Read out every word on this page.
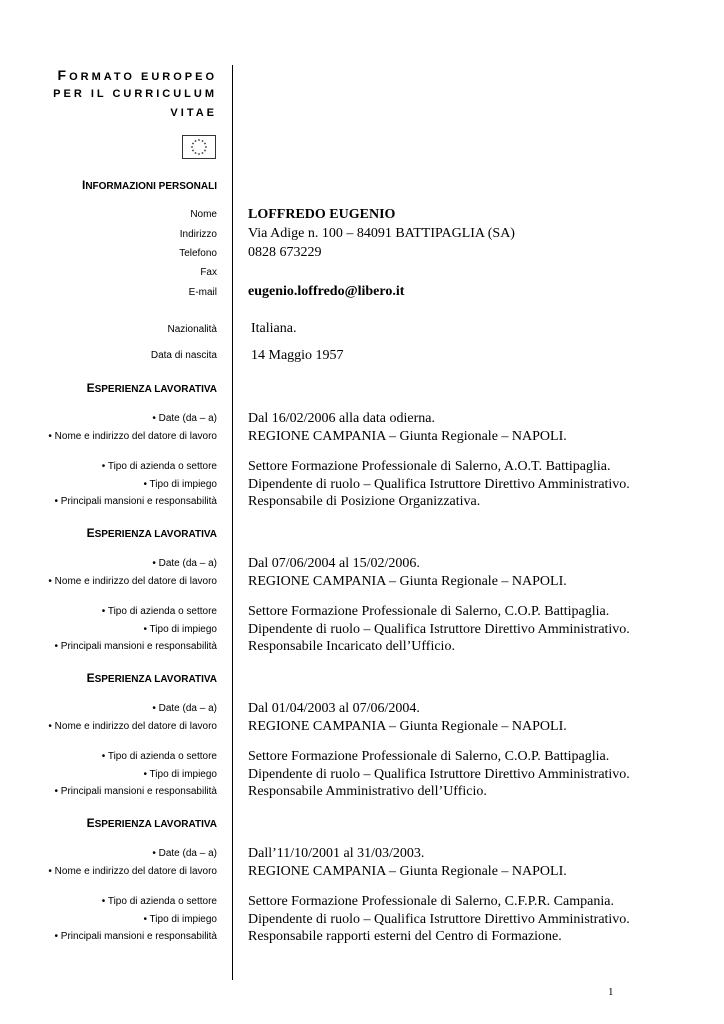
FORMATO EUROPEO
PER IL CURRICULUM
VITAE
INFORMAZIONI PERSONALI
Nome LOFFREDO EUGENIO
Indirizzo Via Adige n. 100 – 84091 BATTIPAGLIA (SA)
Telefono 0828 673229
Fax
E-mail eugenio.loffredo@libero.it
Nazionalità Italiana.
Data di nascita 14 Maggio 1957
ESPERIENZA LAVORATIVA
• Date (da – a) Dal 16/02/2006 alla data odierna.
• Nome e indirizzo del datore di lavoro REGIONE CAMPANIA – Giunta Regionale – NAPOLI.
• Tipo di azienda o settore Settore Formazione Professionale di Salerno, A.O.T. Battipaglia.
• Tipo di impiego Dipendente di ruolo – Qualifica Istruttore Direttivo Amministrativo.
• Principali mansioni e responsabilità Responsabile di Posizione Organizzativa.
ESPERIENZA LAVORATIVA
• Date (da – a) Dal 07/06/2004 al 15/02/2006.
• Nome e indirizzo del datore di lavoro REGIONE CAMPANIA – Giunta Regionale – NAPOLI.
• Tipo di azienda o settore Settore Formazione Professionale di Salerno, C.O.P. Battipaglia.
• Tipo di impiego Dipendente di ruolo – Qualifica Istruttore Direttivo Amministrativo.
• Principali mansioni e responsabilità Responsabile Incaricato dell’Ufficio.
ESPERIENZA LAVORATIVA
• Date (da – a) Dal 01/04/2003 al 07/06/2004.
• Nome e indirizzo del datore di lavoro REGIONE CAMPANIA – Giunta Regionale – NAPOLI.
• Tipo di azienda o settore Settore Formazione Professionale di Salerno, C.O.P. Battipaglia.
• Tipo di impiego Dipendente di ruolo – Qualifica Istruttore Direttivo Amministrativo.
• Principali mansioni e responsabilità Responsabile Amministrativo dell’Ufficio.
ESPERIENZA LAVORATIVA
• Date (da – a) Dall’11/10/2001 al 31/03/2003.
• Nome e indirizzo del datore di lavoro REGIONE CAMPANIA – Giunta Regionale – NAPOLI.
• Tipo di azienda o settore Settore Formazione Professionale di Salerno, C.F.P.R. Campania.
• Tipo di impiego Dipendente di ruolo – Qualifica Istruttore Direttivo Amministrativo.
• Principali mansioni e responsabilità Responsabile rapporti esterni del Centro di Formazione.
1
